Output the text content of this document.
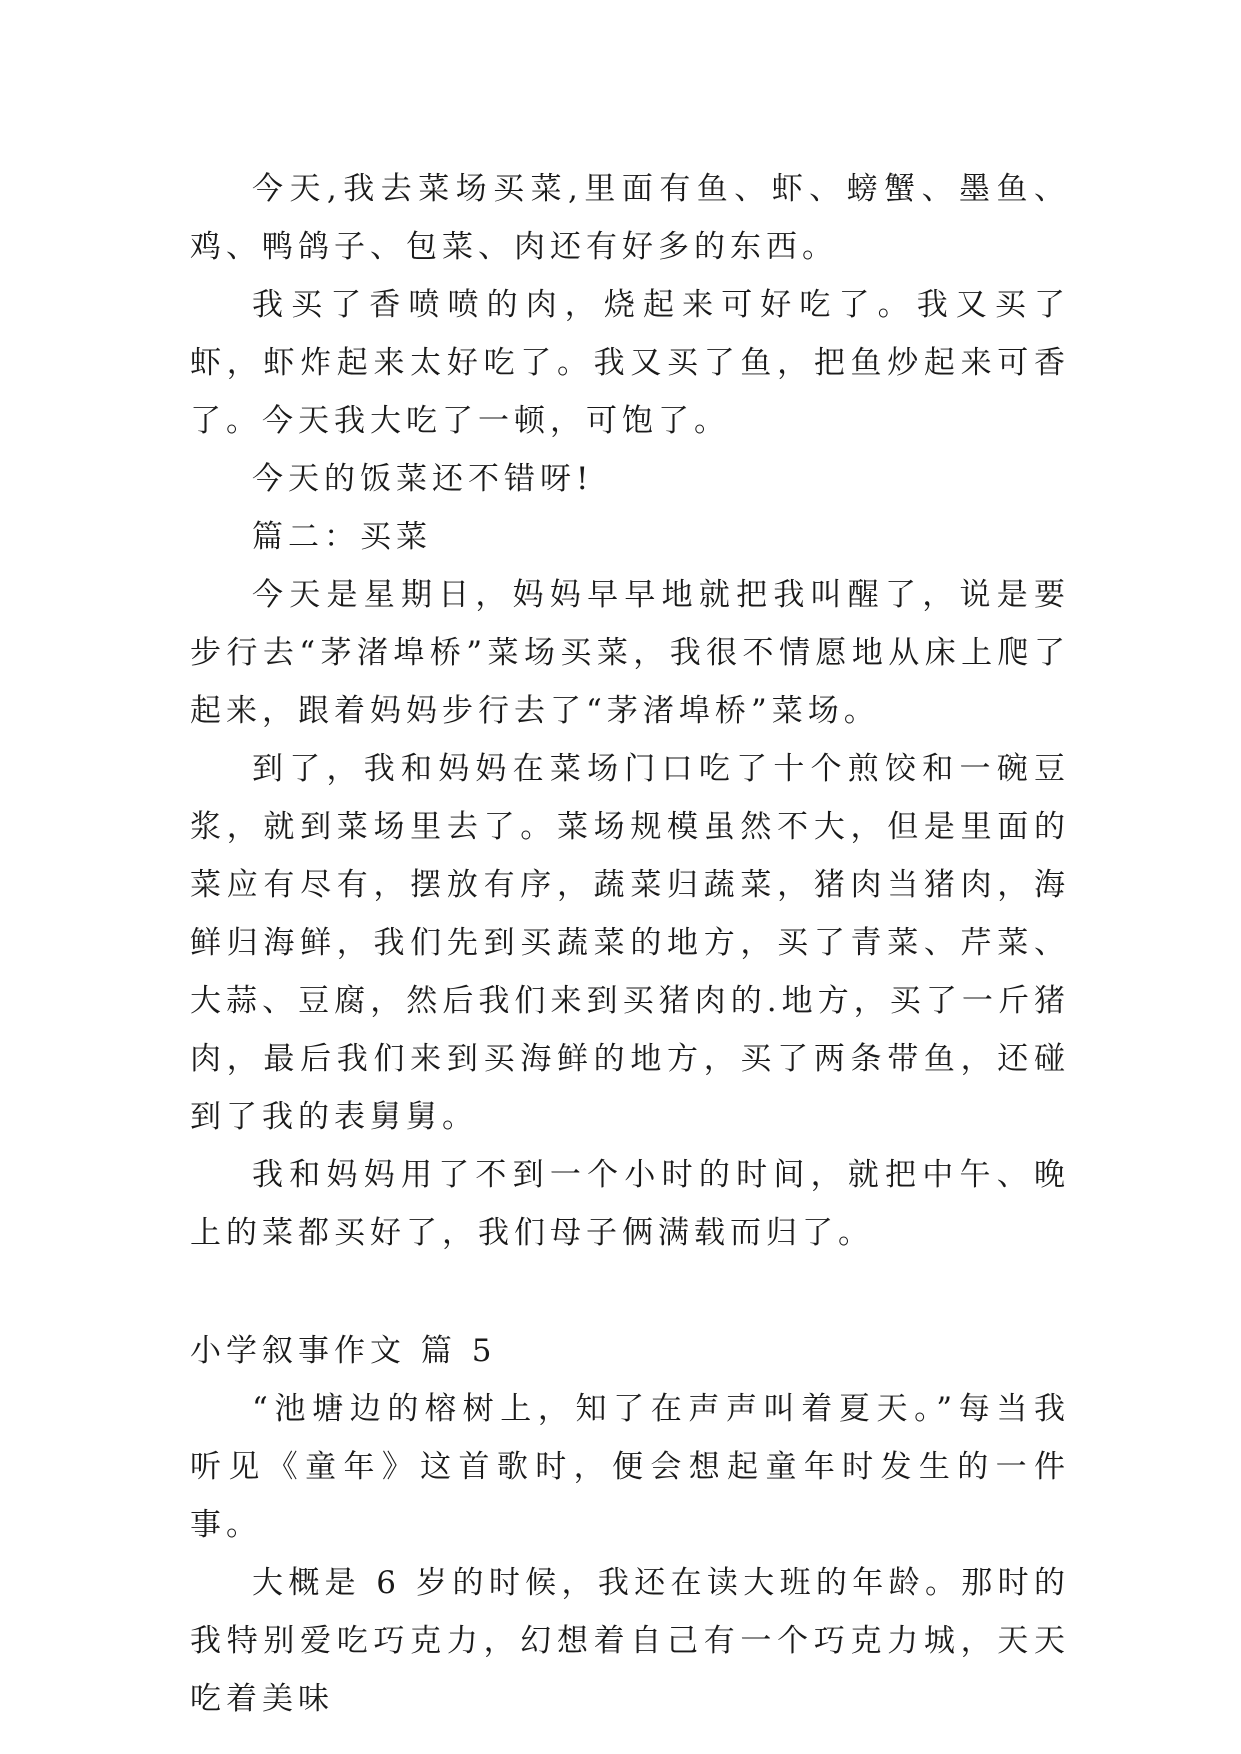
今天,我去菜场买菜,里面有鱼、虾、螃蟹、墨鱼、鸡、鸭鸽子、包菜、肉还有好多的东西。

我买了香喷喷的肉，烧起来可好吃了。我又买了虾，虾炸起来太好吃了。我又买了鱼，把鱼炒起来可香了。今天我大吃了一顿，可饱了。

今天的饭菜还不错呀!

篇二：买菜

今天是星期日，妈妈早早地就把我叫醒了，说是要步行去“茅渚埠桥”菜场买菜，我很不情愿地从床上爬了起来，跟着妈妈步行去了“茅渚埠桥”菜场。

到了，我和妈妈在菜场门口吃了十个煎饺和一碗豆浆，就到菜场里去了。菜场规模虽然不大，但是里面的菜应有尽有，摆放有序，蔬菜归蔬菜，猪肉当猪肉，海鲜归海鲜，我们先到买蔬菜的地方，买了青菜、芹菜、大蒜、豆腐，然后我们来到买猪肉的.地方，买了一斤猪肉，最后我们来到买海鲜的地方，买了两条带鱼，还碰到了我的表舅舅。

我和妈妈用了不到一个小时的时间，就把中午、晚上的菜都买好了，我们母子俩满载而归了。

小学叙事作文 篇 5

“池塘边的榕树上，知了在声声叫着夏天。”每当我听见《童年》这首歌时，便会想起童年时发生的一件事。

大概是 6 岁的时候，我还在读大班的年龄。那时的我特别爱吃巧克力，幻想着自己有一个巧克力城，天天吃着美味
